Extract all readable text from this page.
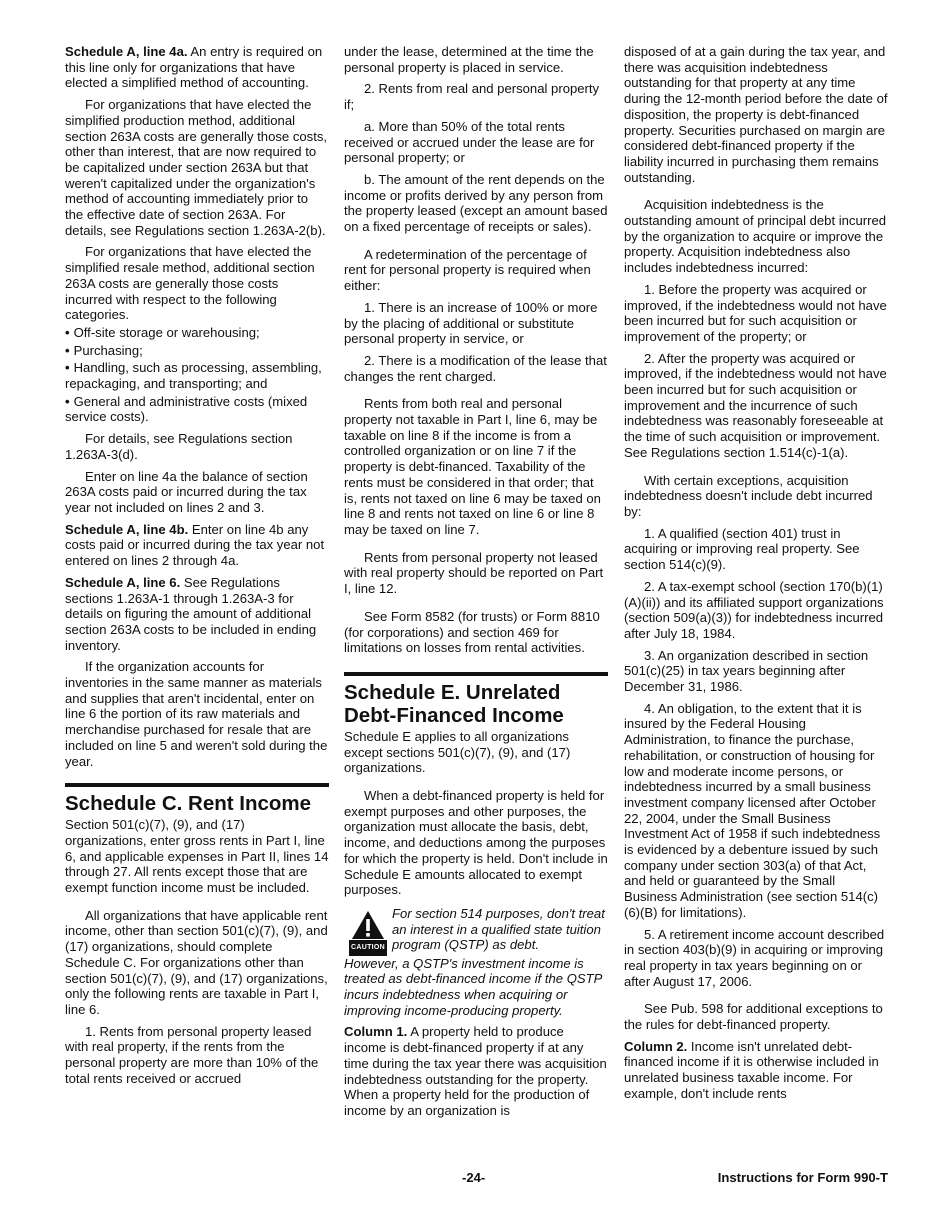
Schedule A, line 4a. An entry is required on this line only for organizations that have elected a simplified method of accounting.

For organizations that have elected the simplified production method, additional section 263A costs are generally those costs, other than interest, that are now required to be capitalized under section 263A but that weren't capitalized under the organization's method of accounting immediately prior to the effective date of section 263A. For details, see Regulations section 1.263A-2(b).

For organizations that have elected the simplified resale method, additional section 263A costs are generally those costs incurred with respect to the following categories.

• Off-site storage or warehousing;
• Purchasing;
• Handling, such as processing, assembling, repackaging, and transporting; and
• General and administrative costs (mixed service costs).

For details, see Regulations section 1.263A-3(d).

Enter on line 4a the balance of section 263A costs paid or incurred during the tax year not included on lines 2 and 3.

Schedule A, line 4b. Enter on line 4b any costs paid or incurred during the tax year not entered on lines 2 through 4a.

Schedule A, line 6. See Regulations sections 1.263A-1 through 1.263A-3 for details on figuring the amount of additional section 263A costs to be included in ending inventory.

If the organization accounts for inventories in the same manner as materials and supplies that aren't incidental, enter on line 6 the portion of its raw materials and merchandise purchased for resale that are included on line 5 and weren't sold during the year.

Schedule C. Rent Income

Section 501(c)(7), (9), and (17) organizations, enter gross rents in Part I, line 6, and applicable expenses in Part II, lines 14 through 27. All rents except those that are exempt function income must be included.

All organizations that have applicable rent income, other than section 501(c)(7), (9), and (17) organizations, should complete Schedule C. For organizations other than section 501(c)(7), (9), and (17) organizations, only the following rents are taxable in Part I, line 6.

1. Rents from personal property leased with real property, if the rents from the personal property are more than 10% of the total rents received or accrued

under the lease, determined at the time the personal property is placed in service.

2. Rents from real and personal property if;

a. More than 50% of the total rents received or accrued under the lease are for personal property; or

b. The amount of the rent depends on the income or profits derived by any person from the property leased (except an amount based on a fixed percentage of receipts or sales).

A redetermination of the percentage of rent for personal property is required when either:

1. There is an increase of 100% or more by the placing of additional or substitute personal property in service, or

2. There is a modification of the lease that changes the rent charged.

Rents from both real and personal property not taxable in Part I, line 6, may be taxable on line 8 if the income is from a controlled organization or on line 7 if the property is debt-financed. Taxability of the rents must be considered in that order; that is, rents not taxed on line 6 may be taxed on line 8 and rents not taxed on line 6 or line 8 may be taxed on line 7.

Rents from personal property not leased with real property should be reported on Part I, line 12.

See Form 8582 (for trusts) or Form 8810 (for corporations) and section 469 for limitations on losses from rental activities.

Schedule E. Unrelated Debt-Financed Income

Schedule E applies to all organizations except sections 501(c)(7), (9), and (17) organizations.

When a debt-financed property is held for exempt purposes and other purposes, the organization must allocate the basis, debt, income, and deductions among the purposes for which the property is held. Don't include in Schedule E amounts allocated to exempt purposes.

CAUTION

For section 514 purposes, don't treat an interest in a qualified state tuition program (QSTP) as debt.

However, a QSTP's investment income is treated as debt-financed income if the QSTP incurs indebtedness when acquiring or improving income-producing property.

Column 1. A property held to produce income is debt-financed property if at any time during the tax year there was acquisition indebtedness outstanding for the property. When a property held for the production of income by an organization is

disposed of at a gain during the tax year, and there was acquisition indebtedness outstanding for that property at any time during the 12-month period before the date of disposition, the property is debt-financed property. Securities purchased on margin are considered debt-financed property if the liability incurred in purchasing them remains outstanding.

Acquisition indebtedness is the outstanding amount of principal debt incurred by the organization to acquire or improve the property. Acquisition indebtedness also includes indebtedness incurred:

1. Before the property was acquired or improved, if the indebtedness would not have been incurred but for such acquisition or improvement of the property; or

2. After the property was acquired or improved, if the indebtedness would not have been incurred but for such acquisition or improvement and the incurrence of such indebtedness was reasonably foreseeable at the time of such acquisition or improvement. See Regulations section 1.514(c)-1(a).

With certain exceptions, acquisition indebtedness doesn't include debt incurred by:

1. A qualified (section 401) trust in acquiring or improving real property. See section 514(c)(9).

2. A tax-exempt school (section 170(b)(1)(A)(ii)) and its affiliated support organizations (section 509(a)(3)) for indebtedness incurred after July 18, 1984.

3. An organization described in section 501(c)(25) in tax years beginning after December 31, 1986.

4. An obligation, to the extent that it is insured by the Federal Housing Administration, to finance the purchase, rehabilitation, or construction of housing for low and moderate income persons, or indebtedness incurred by a small business investment company licensed after October 22, 2004, under the Small Business Investment Act of 1958 if such indebtedness is evidenced by a debenture issued by such company under section 303(a) of that Act, and held or guaranteed by the Small Business Administration (see section 514(c)(6)(B) for limitations).

5. A retirement income account described in section 403(b)(9) in acquiring or improving real property in tax years beginning on or after August 17, 2006.

See Pub. 598 for additional exceptions to the rules for debt-financed property.

Column 2. Income isn't unrelated debt-financed income if it is otherwise included in unrelated business taxable income. For example, don't include rents

-24-	Instructions for Form 990-T
